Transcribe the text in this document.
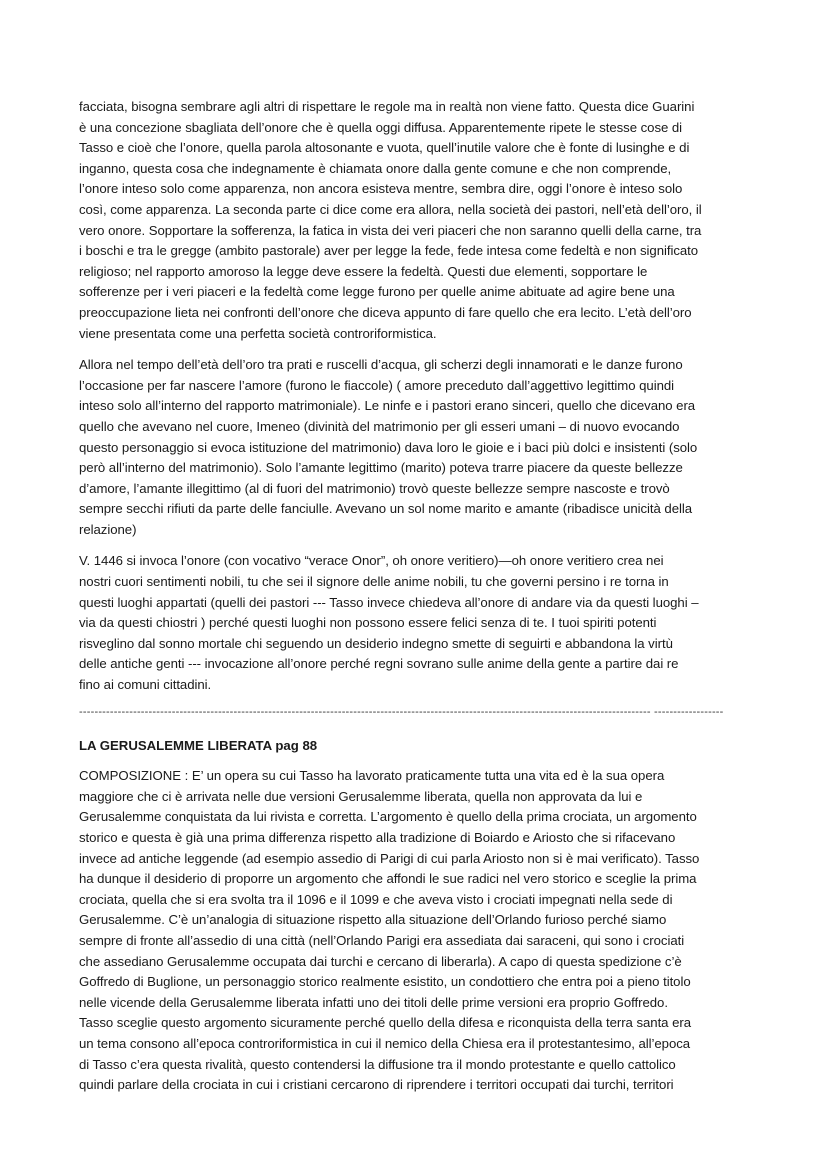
facciata, bisogna sembrare agli altri di rispettare le regole ma in realtà non viene fatto. Questa dice Guarini
è una concezione sbagliata dell’onore che è quella oggi diffusa. Apparentemente ripete le stesse cose di
Tasso e cioè che l’onore, quella parola altosonante e vuota, quell’inutile valore che è fonte di lusinghe e di
inganno, questa cosa che indegnamente è chiamata onore dalla gente comune e che non comprende,
l’onore inteso solo come apparenza, non ancora esisteva mentre, sembra dire, oggi l’onore è inteso solo
così, come apparenza. La seconda parte ci dice come era allora, nella società dei pastori, nell’età dell’oro, il
vero onore. Sopportare la sofferenza, la fatica in vista dei veri piaceri che non saranno quelli della carne, tra
i boschi e tra le gregge (ambito pastorale) aver per legge la fede, fede intesa come fedeltà e non significato
religioso; nel rapporto amoroso la legge deve essere la fedeltà. Questi due elementi, sopportare le
sofferenze per i veri piaceri e la fedeltà come legge furono per quelle anime abituate ad agire bene una
preoccupazione lieta nei confronti dell’onore che diceva appunto di fare quello che era lecito. L’età dell’oro
viene presentata come una perfetta società controriformistica.

Allora nel tempo dell’età dell’oro tra prati e ruscelli d’acqua, gli scherzi degli innamorati e le danze furono
l’occasione per far nascere l’amore (furono le fiaccole) ( amore preceduto dall’aggettivo legittimo quindi
inteso solo all’interno del rapporto matrimoniale). Le ninfe e i pastori erano sinceri, quello che dicevano era
quello che avevano nel cuore, Imeneo (divinità del matrimonio per gli esseri umani – di nuovo evocando
questo personaggio si evoca istituzione del matrimonio) dava loro le gioie e i baci più dolci e insistenti (solo
però all’interno del matrimonio). Solo l’amante legittimo (marito) poteva trarre piacere da queste bellezze
d’amore, l’amante illegittimo (al di fuori del matrimonio) trovò queste bellezze sempre nascoste e trovò
sempre secchi rifiuti da parte delle fanciulle. Avevano un sol nome marito e amante (ribadisce unicità della
relazione)

V. 1446 si invoca l’onore (con vocativo “verace Onor”, oh onore veritiero)—oh onore veritiero crea nei
nostri cuori sentimenti nobili, tu che sei il signore delle anime nobili, tu che governi persino i re torna in
questi luoghi appartati (quelli dei pastori --- Tasso invece chiedeva all’onore di andare via da questi luoghi –
via da questi chiostri ) perché questi luoghi non possono essere felici senza di te. I tuoi spiriti potenti
risveglino dal sonno mortale chi seguendo un desiderio indegno smette di seguirti e abbandona la virtù
delle antiche genti --- invocazione all’onore perché regni sovrano sulle anime della gente a partire dai re
fino ai comuni cittadini.

---------------------------------------------------------------------------------------------------------------------------------------------------- ------------------
LA GERUSALEMME LIBERATA pag 88

COMPOSIZIONE : E’ un opera su cui Tasso ha lavorato praticamente tutta una vita ed è la sua opera
maggiore che ci è arrivata nelle due versioni Gerusalemme liberata, quella non approvata da lui e
Gerusalemme conquistata da lui rivista e corretta. L’argomento è quello della prima crociata, un argomento
storico e questa è già una prima differenza rispetto alla tradizione di Boiardo e Ariosto che si rifacevano
invece ad antiche leggende (ad esempio assedio di Parigi di cui parla Ariosto non si è mai verificato). Tasso
ha dunque il desiderio di proporre un argomento che affondi le sue radici nel vero storico e sceglie la prima
crociata, quella che si era svolta tra il 1096 e il 1099 e che aveva visto i crociati impegnati nella sede di
Gerusalemme. C’è un’analogia di situazione rispetto alla situazione dell’Orlando furioso perché siamo
sempre di fronte all’assedio di una città (nell’Orlando Parigi era assediata dai saraceni, qui sono i crociati
che assediano Gerusalemme occupata dai turchi e cercano di liberarla). A capo di questa spedizione c’è
Goffredo di Buglione, un personaggio storico realmente esistito, un condottiero che entra poi a pieno titolo
nelle vicende della Gerusalemme liberata infatti uno dei titoli delle prime versioni era proprio Goffredo.
Tasso sceglie questo argomento sicuramente perché quello della difesa e riconquista della terra santa era
un tema consono all’epoca controriformistica in cui il nemico della Chiesa era il protestantesimo, all’epoca
di Tasso c’era questa rivalità, questo contendersi la diffusione tra il mondo protestante e quello cattolico
quindi parlare della crociata in cui i cristiani cercarono di riprendere i territori occupati dai turchi, territori
